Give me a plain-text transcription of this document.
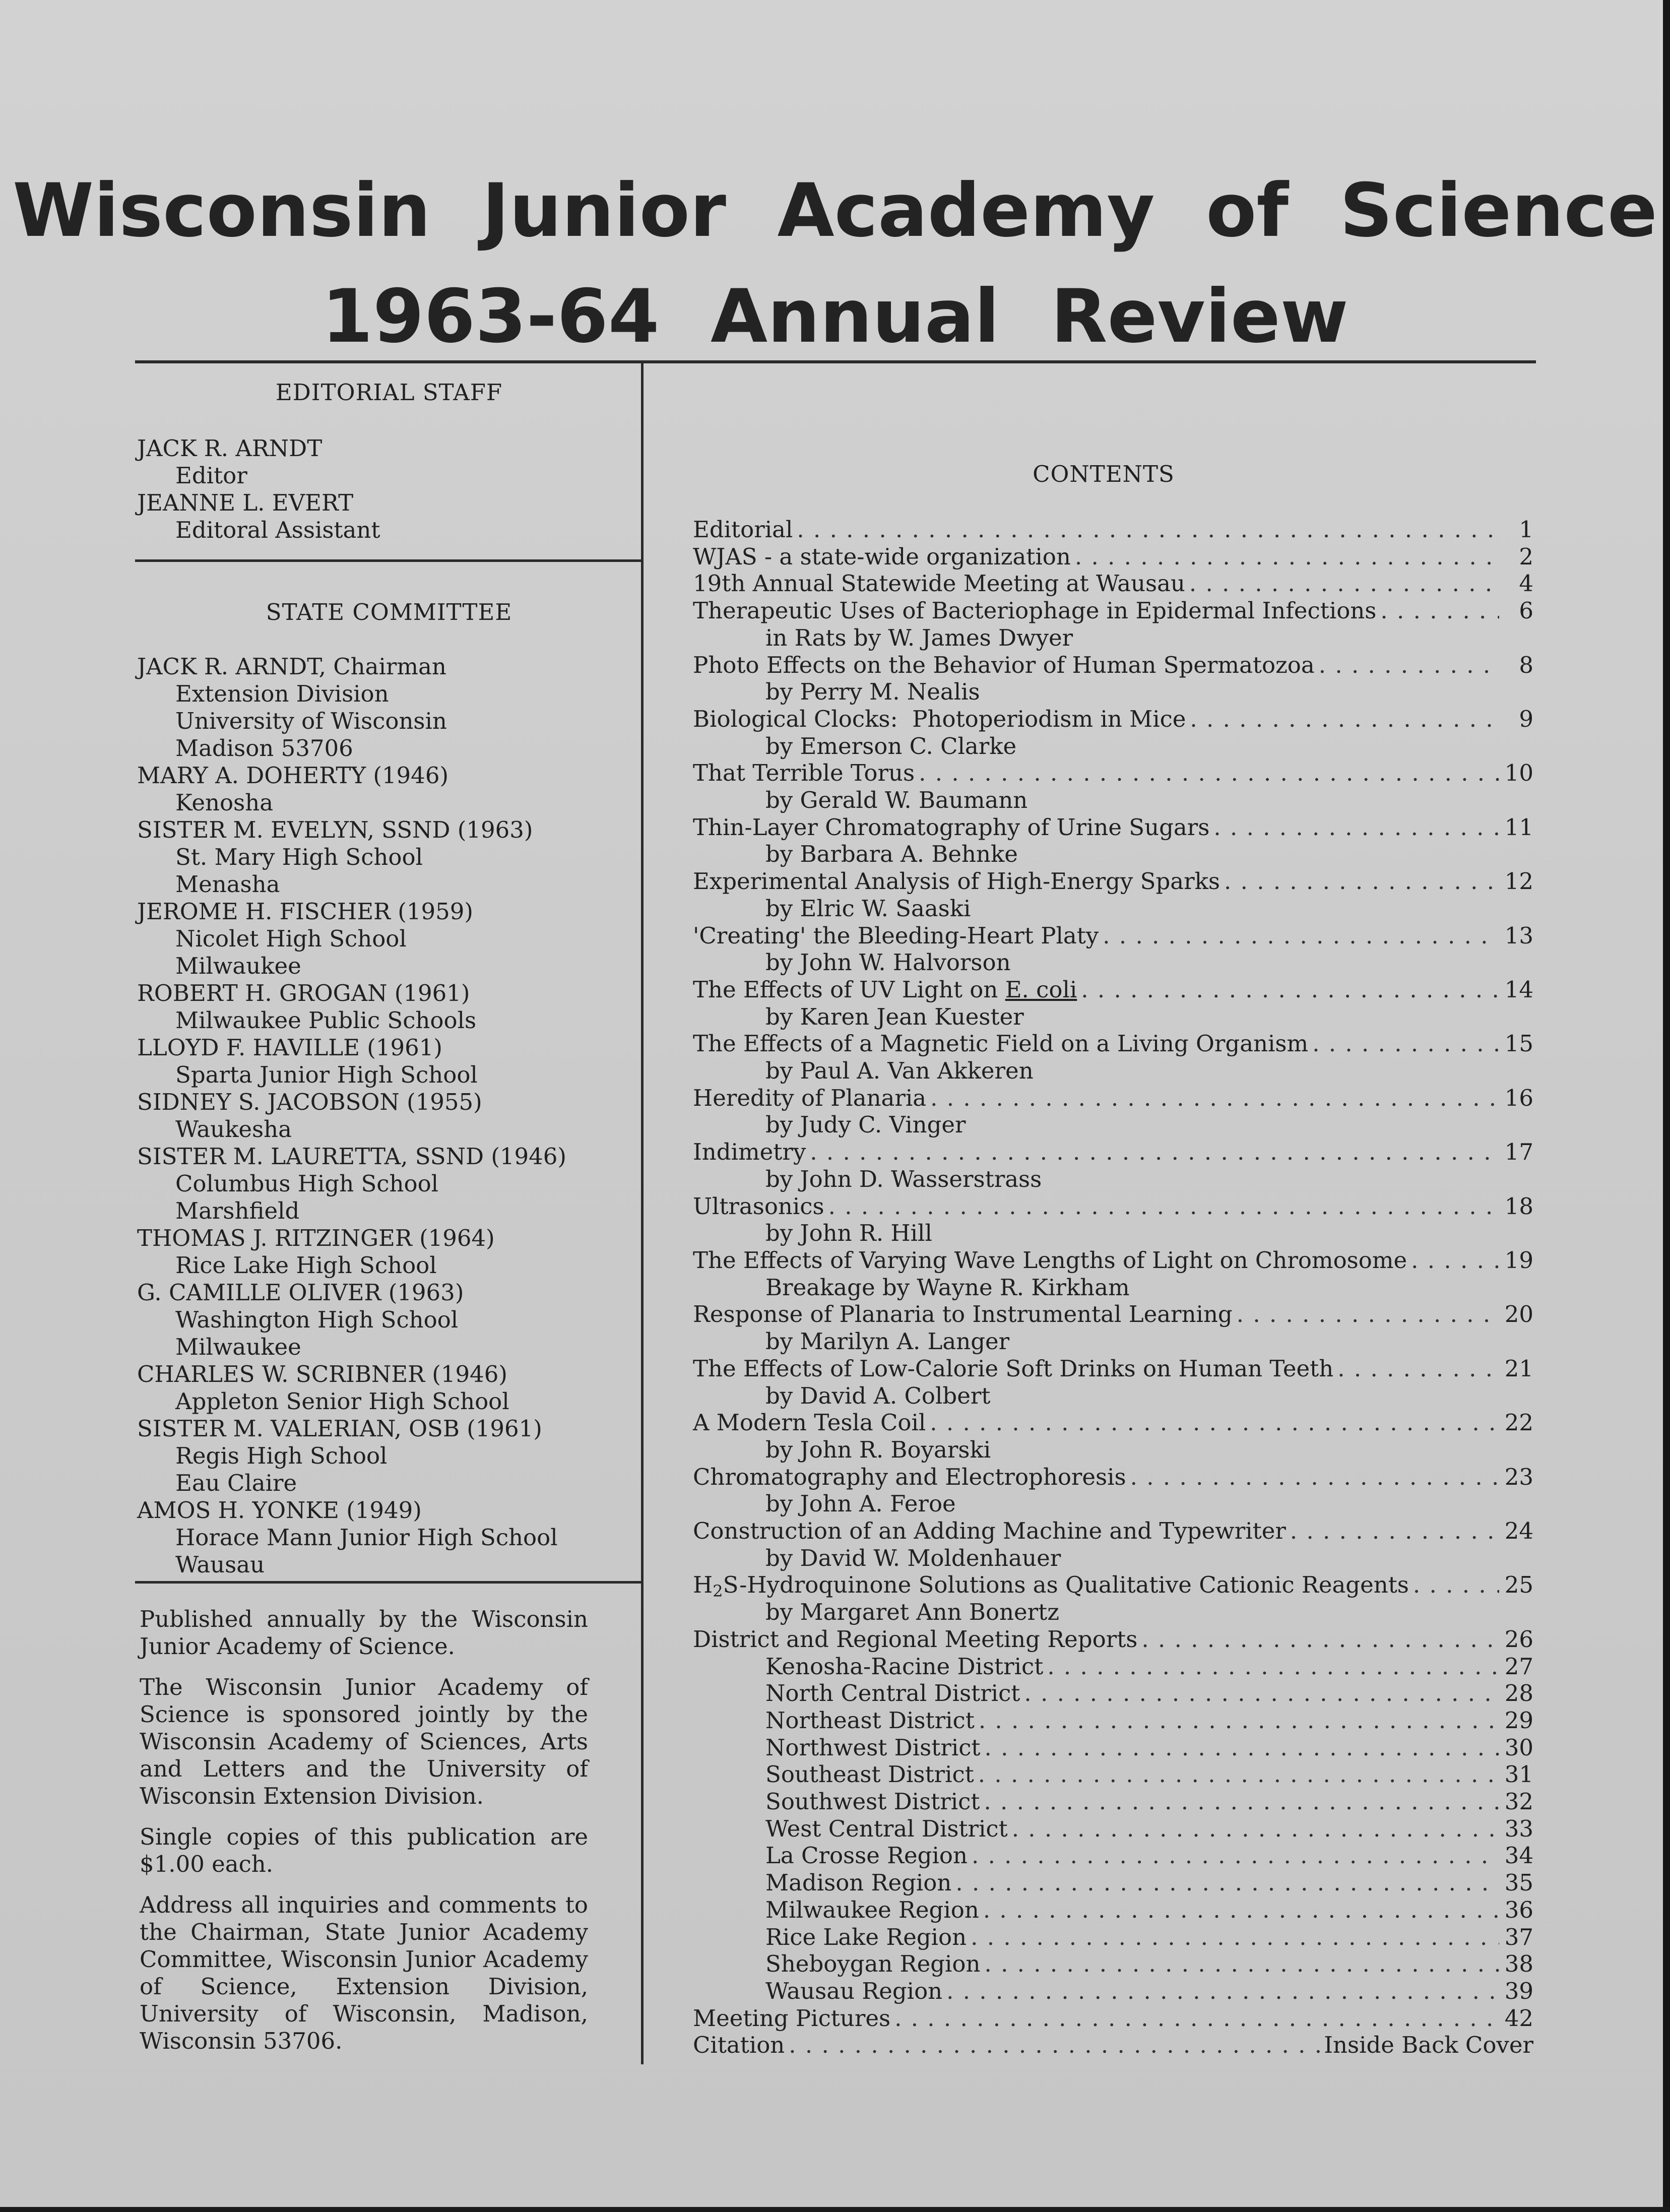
Wisconsin  Junior  Academy  of  Science
1963-64  Annual  Review
EDITORIAL STAFF
JACK R. ARNDT
Editor
JEANNE L. EVERT
Editoral Assistant
STATE COMMITTEE
JACK R. ARNDT, Chairman
Extension Division
University of Wisconsin
Madison 53706
MARY A. DOHERTY (1946)
Kenosha
SISTER M. EVELYN, SSND (1963)
St. Mary High School
Menasha
JEROME H. FISCHER (1959)
Nicolet High School
Milwaukee
ROBERT H. GROGAN (1961)
Milwaukee Public Schools
LLOYD F. HAVILLE (1961)
Sparta Junior High School
SIDNEY S. JACOBSON (1955)
Waukesha
SISTER M. LAURETTA, SSND (1946)
Columbus High School
Marshfield
THOMAS J. RITZINGER (1964)
Rice Lake High School
G. CAMILLE OLIVER (1963)
Washington High School
Milwaukee
CHARLES W. SCRIBNER (1946)
Appleton Senior High School
SISTER M. VALERIAN, OSB (1961)
Regis High School
Eau Claire
AMOS H. YONKE (1949)
Horace Mann Junior High School
Wausau

Published annually by the Wisconsin Junior Academy of Science.

The Wisconsin Junior Academy of Science is sponsored jointly by the Wisconsin Academy of Sciences, Arts and Letters and the University of Wisconsin Extension Division.

Single copies of this publication are $1.00 each.

Address all inquiries and comments to the Chairman, State Junior Academy Committee, Wisconsin Junior Academy of Science, Extension Division, University of Wisconsin, Madison, Wisconsin 53706.

CONTENTS
Editorial . . .	1
WJAS - a state-wide organization . . .	2
19th Annual Statewide Meeting at Wausau . . .	4
Therapeutic Uses of Bacteriophage in Epidermal Infections . . .	6
in Rats by W. James Dwyer
Photo Effects on the Behavior of Human Spermatozoa . . .	8
by Perry M. Nealis
Biological Clocks:  Photoperiodism in Mice . . .	9
by Emerson C. Clarke
That Terrible Torus . . .	10
by Gerald W. Baumann
Thin-Layer Chromatography of Urine Sugars . . .	11
by Barbara A. Behnke
Experimental Analysis of High-Energy Sparks . . .	12
by Elric W. Saaski
'Creating' the Bleeding-Heart Platy . . .	13
by John W. Halvorson
The Effects of UV Light on E. coli . . .	14
by Karen Jean Kuester
The Effects of a Magnetic Field on a Living Organism . . .	15
by Paul A. Van Akkeren
Heredity of Planaria . . .	16
by Judy C. Vinger
Indimetry . . .	17
by John D. Wasserstrass
Ultrasonics . . .	18
by John R. Hill
The Effects of Varying Wave Lengths of Light on Chromosome . . .	19
Breakage by Wayne R. Kirkham
Response of Planaria to Instrumental Learning . . .	20
by Marilyn A. Langer
The Effects of Low-Calorie Soft Drinks on Human Teeth . . .	21
by David A. Colbert
A Modern Tesla Coil . . .	22
by John R. Boyarski
Chromatography and Electrophoresis . . .	23
by John A. Feroe
Construction of an Adding Machine and Typewriter . . .	24
by David W. Moldenhauer
$H_2S$-Hydroquinone Solutions as Qualitative Cationic Reagents . . .	25
by Margaret Ann Bonertz
District and Regional Meeting Reports . . .	26
Kenosha-Racine District . . .	27
North Central District . . .	28
Northeast District . . .	29
Northwest District . . .	30
Southeast District . . .	31
Southwest District . . .	32
West Central District . . .	33
La Crosse Region . . .	34
Madison Region . . .	35
Milwaukee Region . . .	36
Rice Lake Region . . .	37
Sheboygan Region . . .	38
Wausau Region . . .	39
Meeting Pictures . . .	42
Citation . . .	Inside Back Cover
